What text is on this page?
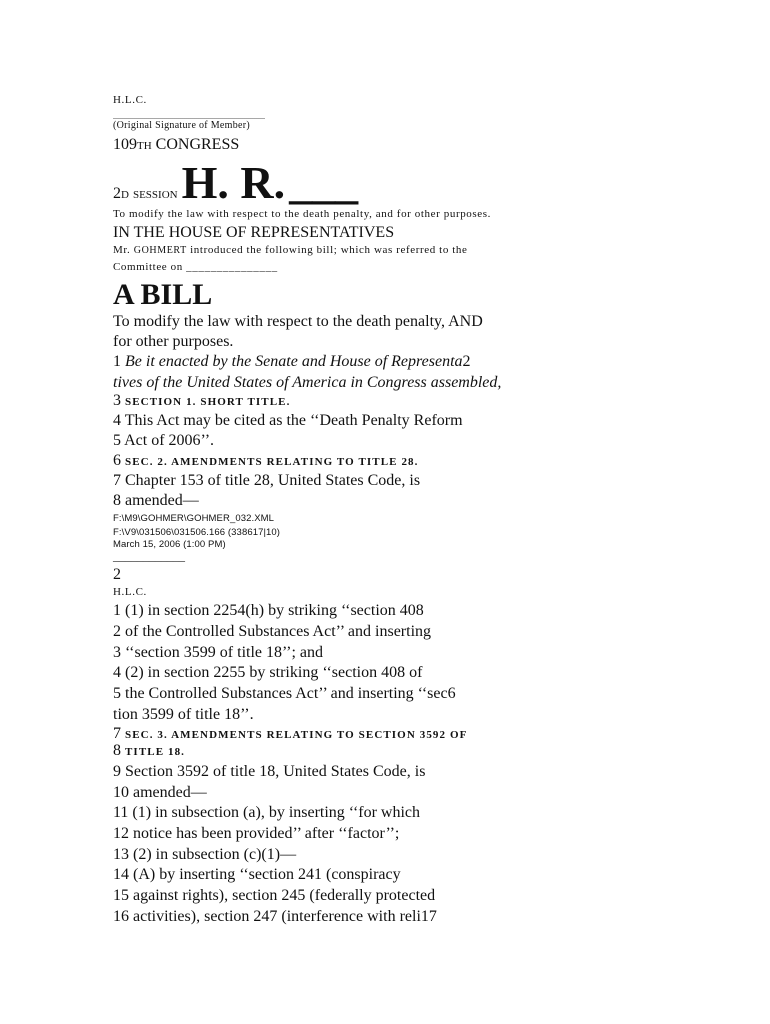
H.L.C.
............................................................................
(Original Signature of Member)
109TH CONGRESS
2D SESSION H. R. ___
To modify the law with respect to the death penalty, and for other purposes.
IN THE HOUSE OF REPRESENTATIVES
Mr. GOHMERT introduced the following bill; which was referred to the
Committee on _______________
A BILL
To modify the law with respect to the death penalty, AND
for other purposes.
1 Be it enacted by the Senate and House of Representa2
tives of the United States of America in Congress assembled,
3 SECTION 1. SHORT TITLE.
4 This Act may be cited as the ‘‘Death Penalty Reform
5 Act of 2006’’.
6 SEC. 2. AMENDMENTS RELATING TO TITLE 28.
7 Chapter 153 of title 28, United States Code, is
8 amended—
F:\M9\GOHMER\GOHMER_032.XML
F:\V9\031506\031506.166 (338617|10)
March 15, 2006 (1:00 PM)
____________
2
H.L.C.
1 (1) in section 2254(h) by striking ‘‘section 408
2 of the Controlled Substances Act’’ and inserting
3 ‘‘section 3599 of title 18’’; and
4 (2) in section 2255 by striking ‘‘section 408 of
5 the Controlled Substances Act’’ and inserting ‘‘sec6
tion 3599 of title 18’’.
7 SEC. 3. AMENDMENTS RELATING TO SECTION 3592 OF
8 TITLE 18.
9 Section 3592 of title 18, United States Code, is
10 amended—
11 (1) in subsection (a), by inserting ‘‘for which
12 notice has been provided’’ after ‘‘factor’’;
13 (2) in subsection (c)(1)—
14 (A) by inserting ‘‘section 241 (conspiracy
15 against rights), section 245 (federally protected
16 activities), section 247 (interference with reli17
